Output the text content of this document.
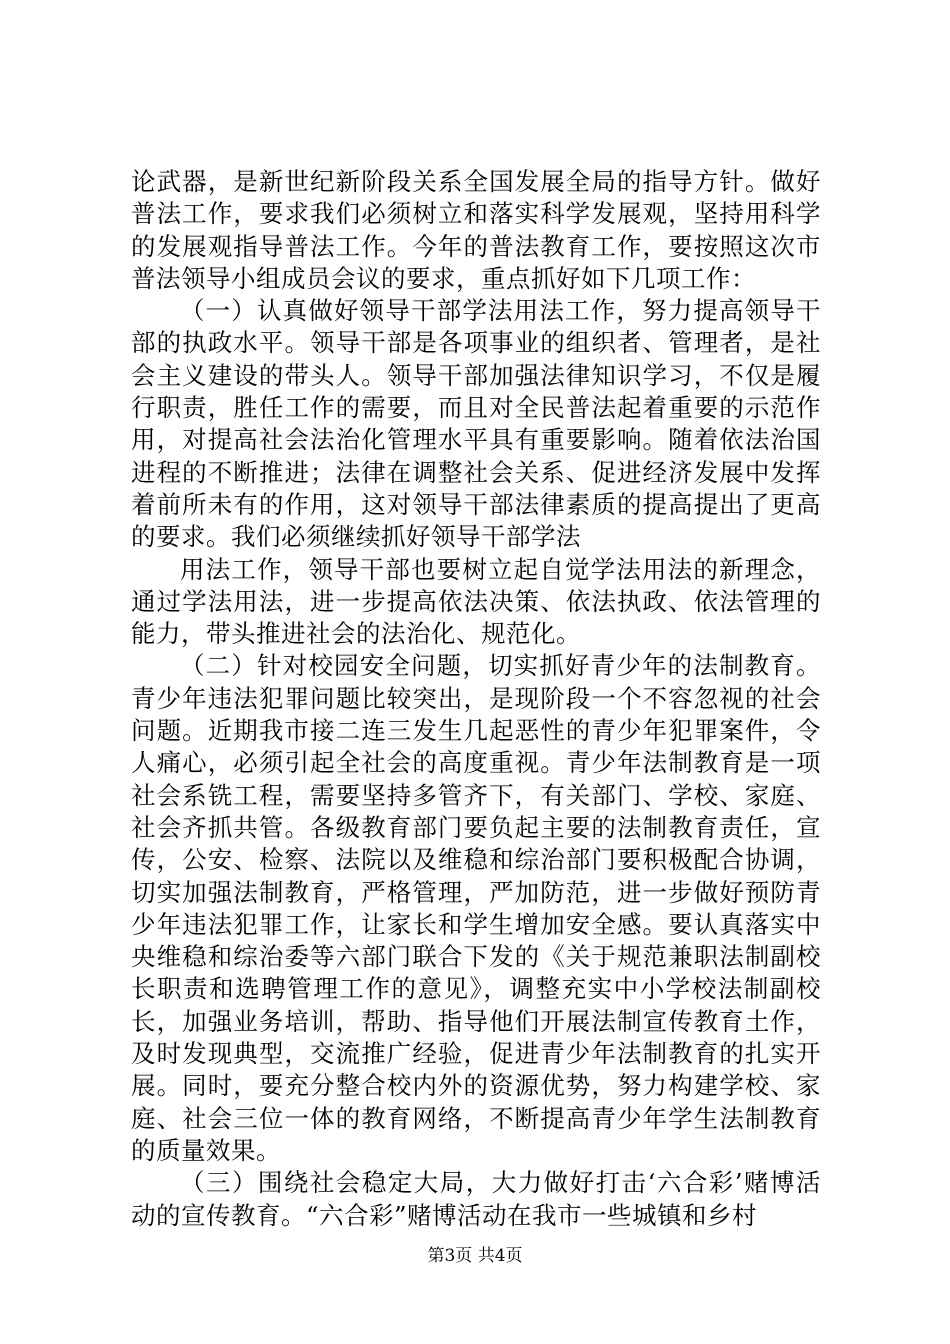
论武器，是新世纪新阶段关系全国发展全局的指导方针。做好普法工作，要求我们必须树立和落实科学发展观，坚持用科学的发展观指导普法工作。今年的普法教育工作，要按照这次市普法领导小组成员会议的要求，重点抓好如下几项工作：

（一）认真做好领导干部学法用法工作，努力提高领导干部的执政水平。领导干部是各项事业的组织者、管理者，是社会主义建设的带头人。领导干部加强法律知识学习，不仅是履行职责，胜任工作的需要，而且对全民普法起着重要的示范作用，对提高社会法治化管理水平具有重要影响。随着依法治国进程的不断推进；法律在调整社会关系、促进经济发展中发挥着前所未有的作用，这对领导干部法律素质的提高提出了更高的要求。我们必须继续抓好领导干部学法

用法工作，领导干部也要树立起自觉学法用法的新理念，通过学法用法，进一步提高依法决策、依法执政、依法管理的能力，带头推进社会的法治化、规范化。

（二）针对校园安全问题，切实抓好青少年的法制教育。青少年违法犯罪问题比较突出，是现阶段一个不容忽视的社会问题。近期我市接二连三发生几起恶性的青少年犯罪案件，令人痛心，必须引起全社会的高度重视。青少年法制教育是一项社会系铣工程，需要坚持多管齐下，有关部门、学校、家庭、社会齐抓共管。各级教育部门要负起主要的法制教育责任，宣传，公安、检察、法院以及维稳和综治部门要积极配合协调，切实加强法制教育，严格管理，严加防范，进一步做好预防青少年违法犯罪工作，让家长和学生增加安全感。要认真落实中央维稳和综治委等六部门联合下发的《关于规范兼职法制副校长职责和选聘管理工作的意见》，调整充实中小学校法制副校长，加强业务培训，帮助、指导他们开展法制宣传教育土作，及时发现典型，交流推广经验，促进青少年法制教育的扎实开展。同时，要充分整合校内外的资源优势，努力构建学校、家庭、社会三位一体的教育网络，不断提高青少年学生法制教育的质量效果。

（三）围绕社会稳定大局，大力做好打击‘六合彩’赌博活动的宣传教育。“六合彩”赌博活动在我市一些城镇和乡村

第3页 共4页
